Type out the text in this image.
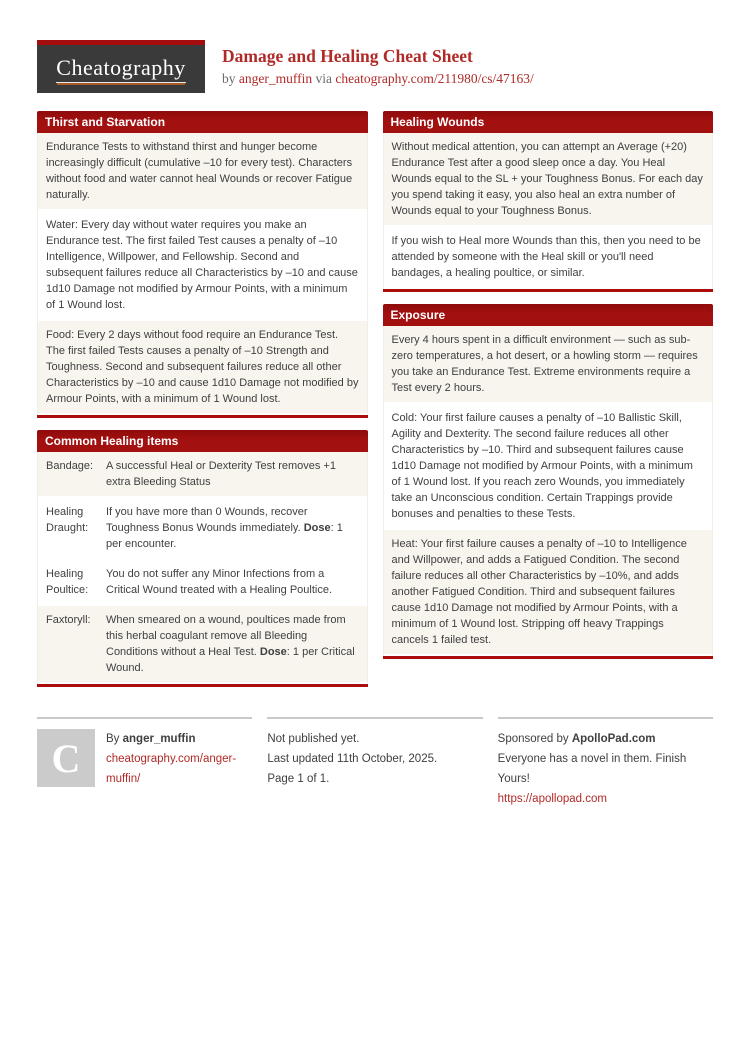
Cheatography Damage and Healing Cheat Sheet
by anger_muffin via cheatography.com/211980/cs/47163/
Thirst and Starvation
Endurance Tests to withstand thirst and hunger become increasingly difficult (cumulative –10 for every test). Characters without food and water cannot heal Wounds or recover Fatigue naturally.
Water: Every day without water requires you make an Endurance test. The first failed Test causes a penalty of –10 Intelligence, Willpower, and Fellowship. Second and subsequent failures reduce all Characteristics by –10 and cause 1d10 Damage not modified by Armour Points, with a minimum of 1 Wound lost.
Food: Every 2 days without food require an Endurance Test. The first failed Tests causes a penalty of –10 Strength and Toughness. Second and subsequent failures reduce all other Characteristics by –10 and cause 1d10 Damage not modified by Armour Points, with a minimum of 1 Wound lost.
Common Healing items
Bandage:	A successful Heal or Dexterity Test removes +1 extra Bleeding Status
Healing Draught:
If you have more than 0 Wounds, recover Toughness Bonus Wounds immediately. Dose: 1 per encounter.
Healing Poultice:
You do not suffer any Minor Infections from a Critical Wound treated with a Healing Poultice.
Faxtoryll:	When smeared on a wound, poultices made from this herbal coagulant remove all Bleeding Conditions without a Heal Test. Dose: 1 per Critical Wound.
Healing Wounds
Without medical attention, you can attempt an Average (+20) Endurance Test after a good sleep once a day. You Heal Wounds equal to the SL + your Toughness Bonus. For each day you spend taking it easy, you also heal an extra number of Wounds equal to your Toughness Bonus.
If you wish to Heal more Wounds than this, then you need to be attended by someone with the Heal skill or you'll need bandages, a healing poultice, or similar.
Exposure
Every 4 hours spent in a difficult environment — such as sub-zero temperatures, a hot desert, or a howling storm — requires you take an Endurance Test. Extreme environments require a Test every 2 hours.
Cold: Your first failure causes a penalty of –10 Ballistic Skill, Agility and Dexterity. The second failure reduces all other Characteristics by –10. Third and subsequent failures cause 1d10 Damage not modified by Armour Points, with a minimum of 1 Wound lost. If you reach zero Wounds, you immediately take an Unconscious condition. Certain Trappings provide bonuses and penalties to these Tests.
Heat: Your first failure causes a penalty of –10 to Intelligence and Willpower, and adds a Fatigued Condition. The second failure reduces all other Characteristics by –10%, and adds another Fatigued Condition. Third and subsequent failures cause 1d10 Damage not modified by Armour Points, with a minimum of 1 Wound lost. Stripping off heavy Trappings cancels 1 failed test.
C	By anger_muffin
cheatography.com/anger-muffin/
Not published yet.
Last updated 11th October, 2025.
Page 1 of 1.
Sponsored by ApolloPad.com
Everyone has a novel in them. Finish Yours!
https://apollopad.com
